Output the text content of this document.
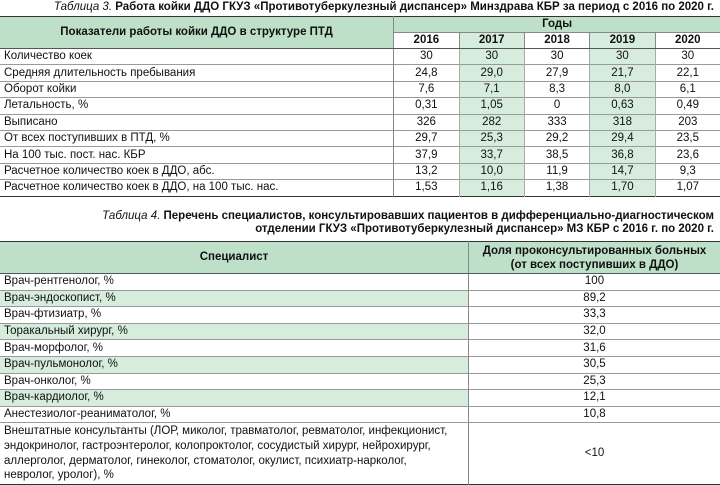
Таблица 3. Работа койки ДДО ГКУЗ «Противотуберкулезный диспансер» Минздрава КБР за период с 2016 по 2020 г.
Показатели работы койки ДДО в структуре ПТД	Годы				
	2016	2017	2018	2019	2020
Количество коек	30	30	30	30	30
Средняя длительность пребывания	24,8	29,0	27,9	21,7	22,1
Оборот койки	7,6	7,1	8,3	8,0	6,1
Летальность, %	0,31	1,05	0	0,63	0,49
Выписано	326	282	333	318	203
От всех поступивших в ПТД, %	29,7	25,3	29,2	29,4	23,5
На 100 тыс. пост. нас. КБР	37,9	33,7	38,5	36,8	23,6
Расчетное количество коек в ДДО, абс.	13,2	10,0	11,9	14,7	9,3
Расчетное количество коек в ДДО, на 100 тыс. нас.	1,53	1,16	1,38	1,70	1,07
Таблица 4. Перечень специалистов, консультировавших пациентов в дифференциально-диагностическом
отделении ГКУЗ «Противотуберкулезный диспансер» МЗ КБР с 2016 г. по 2020 г.
Специалист	Доля проконсультированных больных
(от всех поступивших в ДДО)

Врач-рентгенолог, %	100
Врач-эндоскопист, %	89,2
Врач-фтизиатр, %	33,3
Торакальный хирург, %	32,0
Врач-морфолог, %	31,6
Врач-пульмонолог, %	30,5
Врач-онколог, %	25,3
Врач-кардиолог, %	12,1
Анестезиолог-реаниматолог, %	10,8

Внештатные консультанты (ЛОР, миколог, травматолог, ревматолог, инфекционист,
эндокринолог, гастроэнтеролог, колопроктолог, сосудистый хирург, нейрохирург,
аллерголог, дерматолог, гинеколог, стоматолог, окулист, психиатр-нарколог,
невролог, уролог), %	<10
